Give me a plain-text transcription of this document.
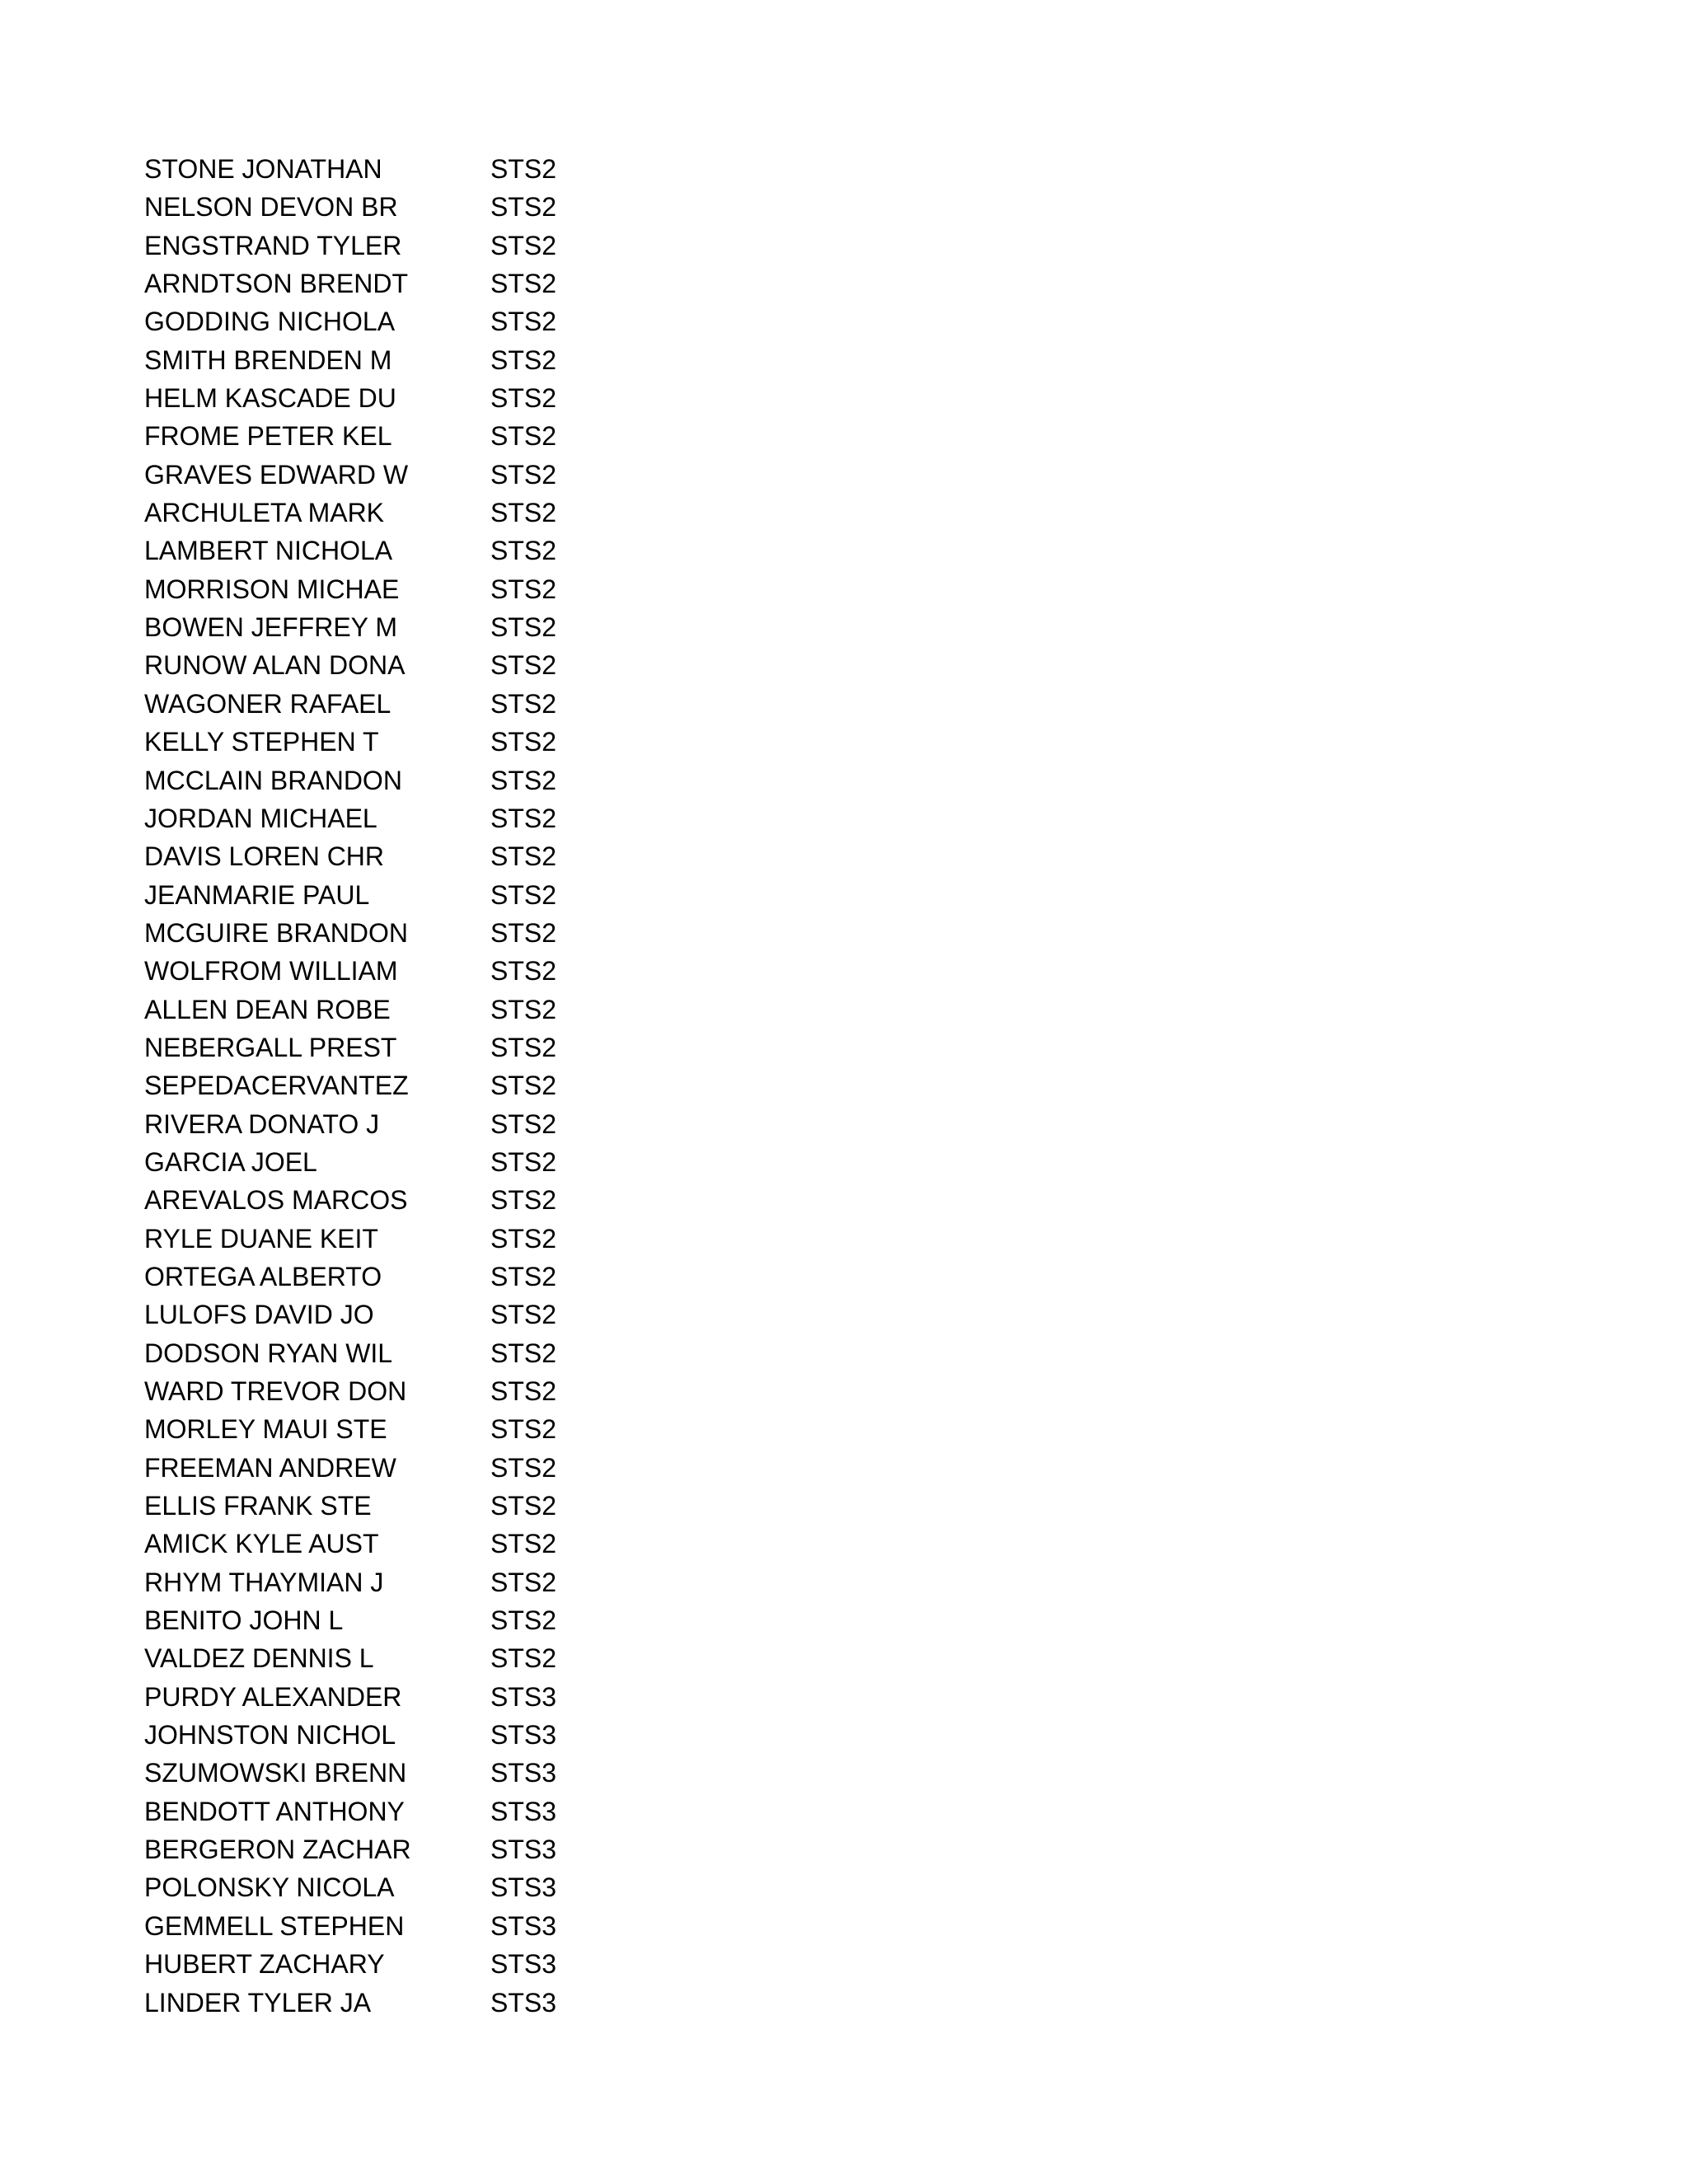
STONE JONATHAN	STS2
NELSON DEVON BR	STS2
ENGSTRAND TYLER	STS2
ARNDTSON BRENDT	STS2
GODDING NICHOLA	STS2
SMITH BRENDEN M	STS2
HELM KASCADE DU	STS2
FROME PETER KEL	STS2
GRAVES EDWARD W	STS2
ARCHULETA MARK	STS2
LAMBERT NICHOLA	STS2
MORRISON MICHAE	STS2
BOWEN JEFFREY M	STS2
RUNOW ALAN DONA	STS2
WAGONER RAFAEL	STS2
KELLY STEPHEN T	STS2
MCCLAIN BRANDON	STS2
JORDAN MICHAEL	STS2
DAVIS LOREN CHR	STS2
JEANMARIE PAUL	STS2
MCGUIRE BRANDON	STS2
WOLFROM WILLIAM	STS2
ALLEN DEAN ROBE	STS2
NEBERGALL PREST	STS2
SEPEDACERVANTEZ	STS2
RIVERA DONATO J	STS2
GARCIA JOEL	STS2
AREVALOS MARCOS	STS2
RYLE DUANE KEIT	STS2
ORTEGA ALBERTO	STS2
LULOFS DAVID JO	STS2
DODSON RYAN WIL	STS2
WARD TREVOR DON	STS2
MORLEY MAUI STE	STS2
FREEMAN ANDREW	STS2
ELLIS FRANK STE	STS2
AMICK KYLE AUST	STS2
RHYM THAYMIAN J	STS2
BENITO JOHN L	STS2
VALDEZ DENNIS L	STS2
PURDY ALEXANDER	STS3
JOHNSTON NICHOL	STS3
SZUMOWSKI BRENN	STS3
BENDOTT ANTHONY	STS3
BERGERON ZACHAR	STS3
POLONSKY NICOLA	STS3
GEMMELL STEPHEN	STS3
HUBERT ZACHARY	STS3
LINDER TYLER JA	STS3
